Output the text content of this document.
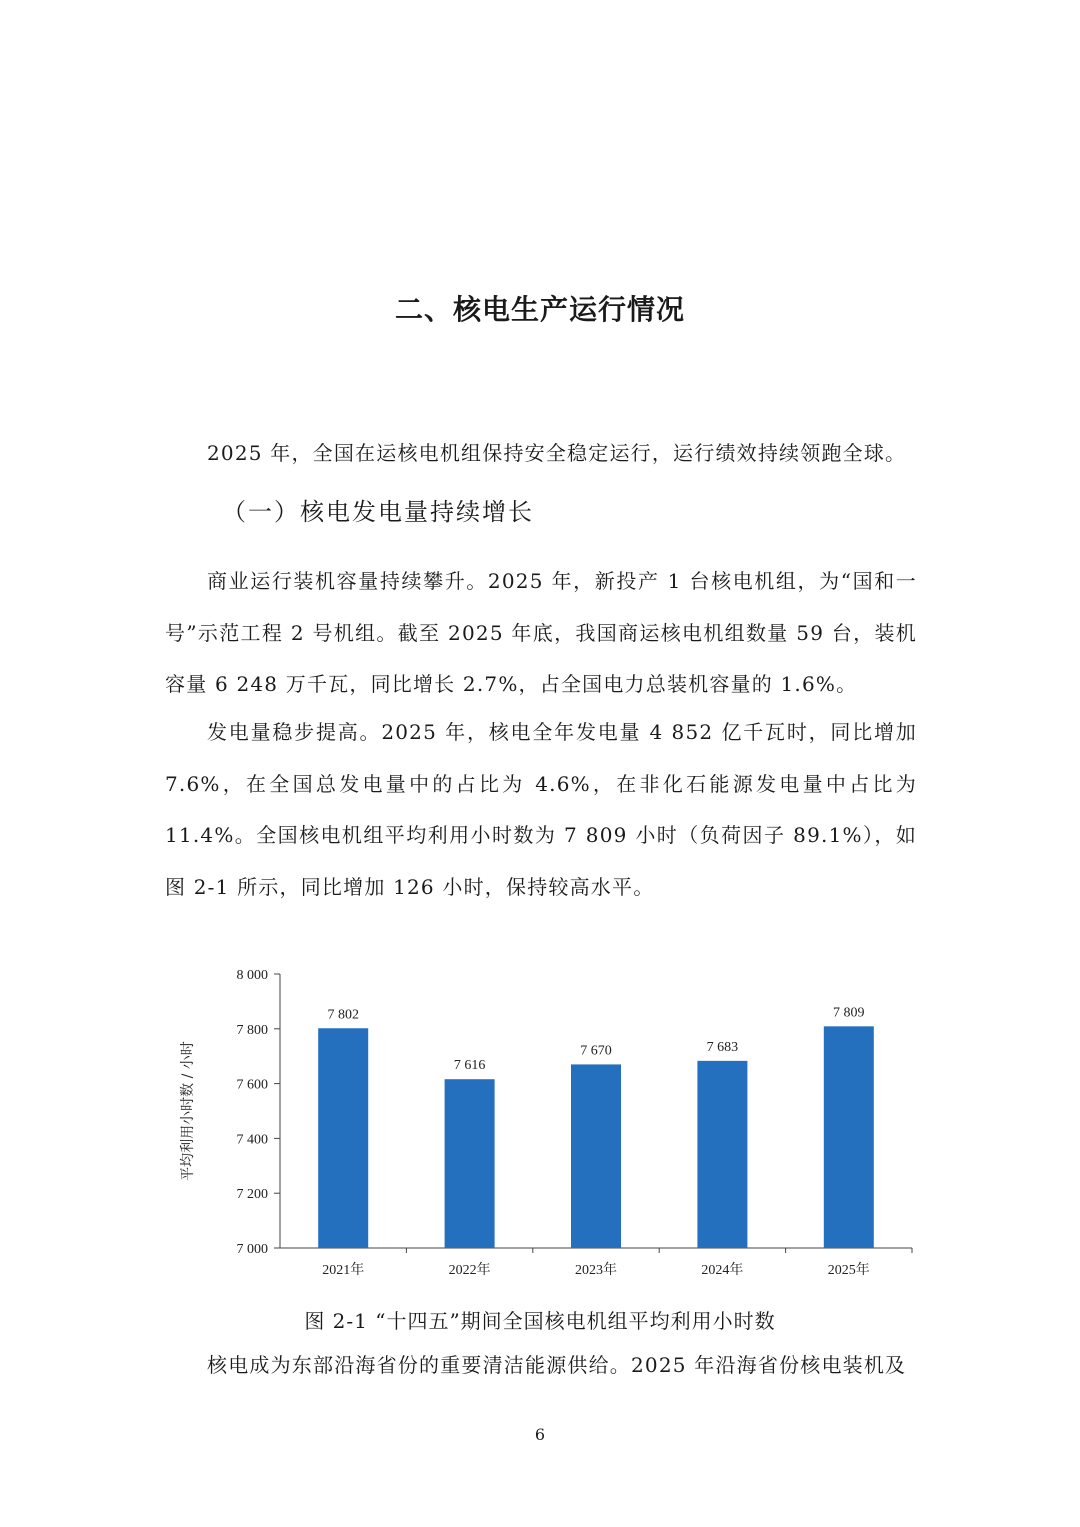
二、核电生产运行情况
2025 年，全国在运核电机组保持安全稳定运行，运行绩效持续领跑全球。
（一）核电发电量持续增长
商业运行装机容量持续攀升。2025 年，新投产 1 台核电机组，为“国和一号”示范工程 2 号机组。截至 2025 年底，我国商运核电机组数量 59 台，装机容量 6 248 万千瓦，同比增长 2.7%，占全国电力总装机容量的 1.6%。
发电量稳步提高。2025 年，核电全年发电量 4 852 亿千瓦时，同比增加 7.6%，在全国总发电量中的占比为 4.6%，在非化石能源发电量中占比为 11.4%。全国核电机组平均利用小时数为 7 809 小时（负荷因子 89.1%），如图 2-1 所示，同比增加 126 小时，保持较高水平。
7 000
7 200
7 400
7 600
7 800
8 000
平均利用小时数 / 小时
7 802
2021年
7 616
2022年
7 670
2023年
7 683
2024年
7 809
2025年
图 2-1 “十四五”期间全国核电机组平均利用小时数
核电成为东部沿海省份的重要清洁能源供给。2025 年沿海省份核电装机及
6
